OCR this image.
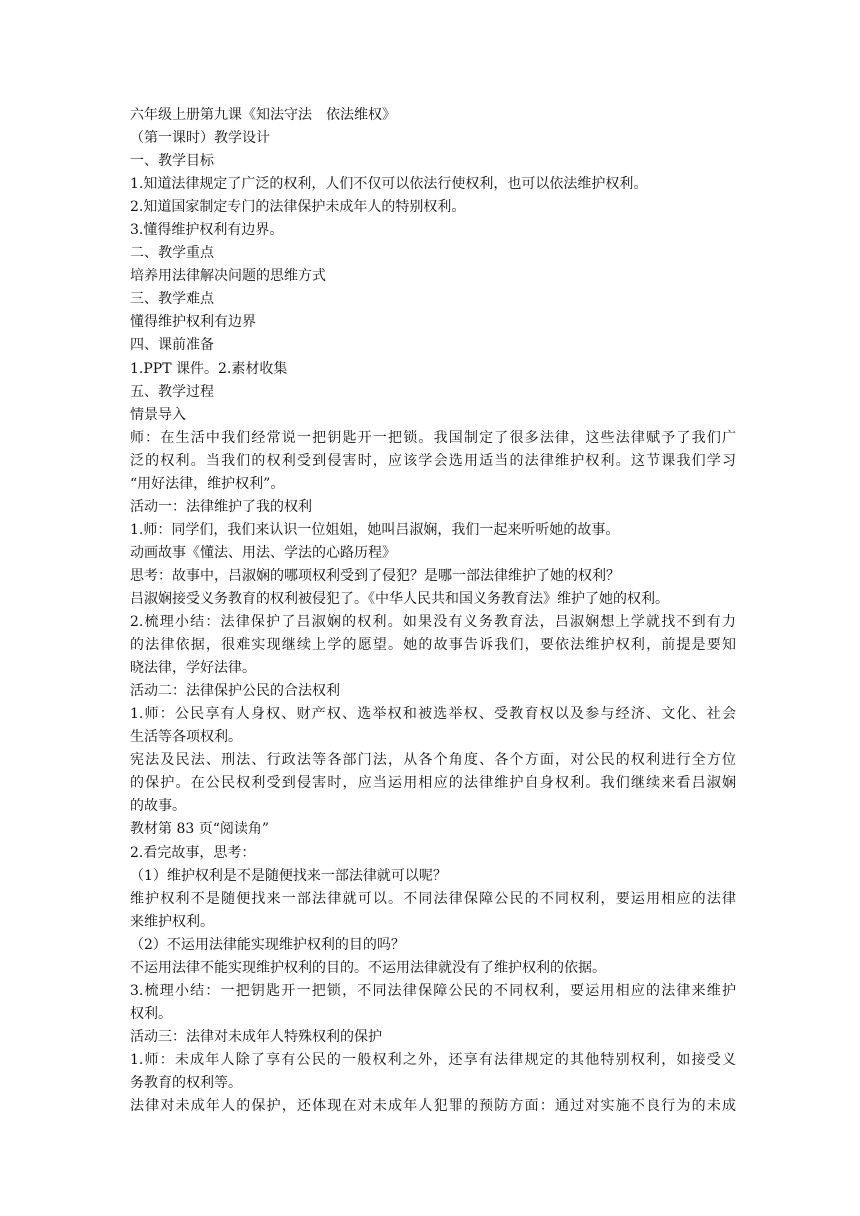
六年级上册第九课《知法守法　依法维权》
（第一课时）教学设计
一、教学目标
1.知道法律规定了广泛的权利，人们不仅可以依法行使权利，也可以依法维护权利。
2.知道国家制定专门的法律保护未成年人的特别权利。
3.懂得维护权利有边界。
二、教学重点
培养用法律解决问题的思维方式
三、教学难点
懂得维护权利有边界
四、课前准备
1.PPT 课件。2.素材收集
五、教学过程
情景导入
师：在生活中我们经常说一把钥匙开一把锁。我国制定了很多法律，这些法律赋予了我们广
泛的权利。当我们的权利受到侵害时，应该学会选用适当的法律维护权利。这节课我们学习
“用好法律，维护权利”。
活动一：法律维护了我的权利
1.师：同学们，我们来认识一位姐姐，她叫吕淑娴，我们一起来听听她的故事。
动画故事《懂法、用法、学法的心路历程》
思考：故事中，吕淑娴的哪项权利受到了侵犯？是哪一部法律维护了她的权利？
吕淑娴接受义务教育的权利被侵犯了。《中华人民共和国义务教育法》维护了她的权利。
2.梳理小结：法律保护了吕淑娴的权利。如果没有义务教育法，吕淑娴想上学就找不到有力
的法律依据，很难实现继续上学的愿望。她的故事告诉我们，要依法维护权利，前提是要知
晓法律，学好法律。
活动二：法律保护公民的合法权利
1.师：公民享有人身权、财产权、选举权和被选举权、受教育权以及参与经济、文化、社会
生活等各项权利。
宪法及民法、刑法、行政法等各部门法，从各个角度、各个方面，对公民的权利进行全方位
的保护。在公民权利受到侵害时，应当运用相应的法律维护自身权利。我们继续来看吕淑娴
的故事。
教材第 83 页“阅读角”
2.看完故事，思考：
（1）维护权利是不是随便找来一部法律就可以呢？
维护权利不是随便找来一部法律就可以。不同法律保障公民的不同权利，要运用相应的法律
来维护权利。
（2）不运用法律能实现维护权利的目的吗？
不运用法律不能实现维护权利的目的。不运用法律就没有了维护权利的依据。
3.梳理小结：一把钥匙开一把锁，不同法律保障公民的不同权利，要运用相应的法律来维护
权利。
活动三：法律对未成年人特殊权利的保护
1.师：未成年人除了享有公民的一般权利之外，还享有法律规定的其他特别权利，如接受义
务教育的权利等。
法律对未成年人的保护，还体现在对未成年人犯罪的预防方面：通过对实施不良行为的未成
